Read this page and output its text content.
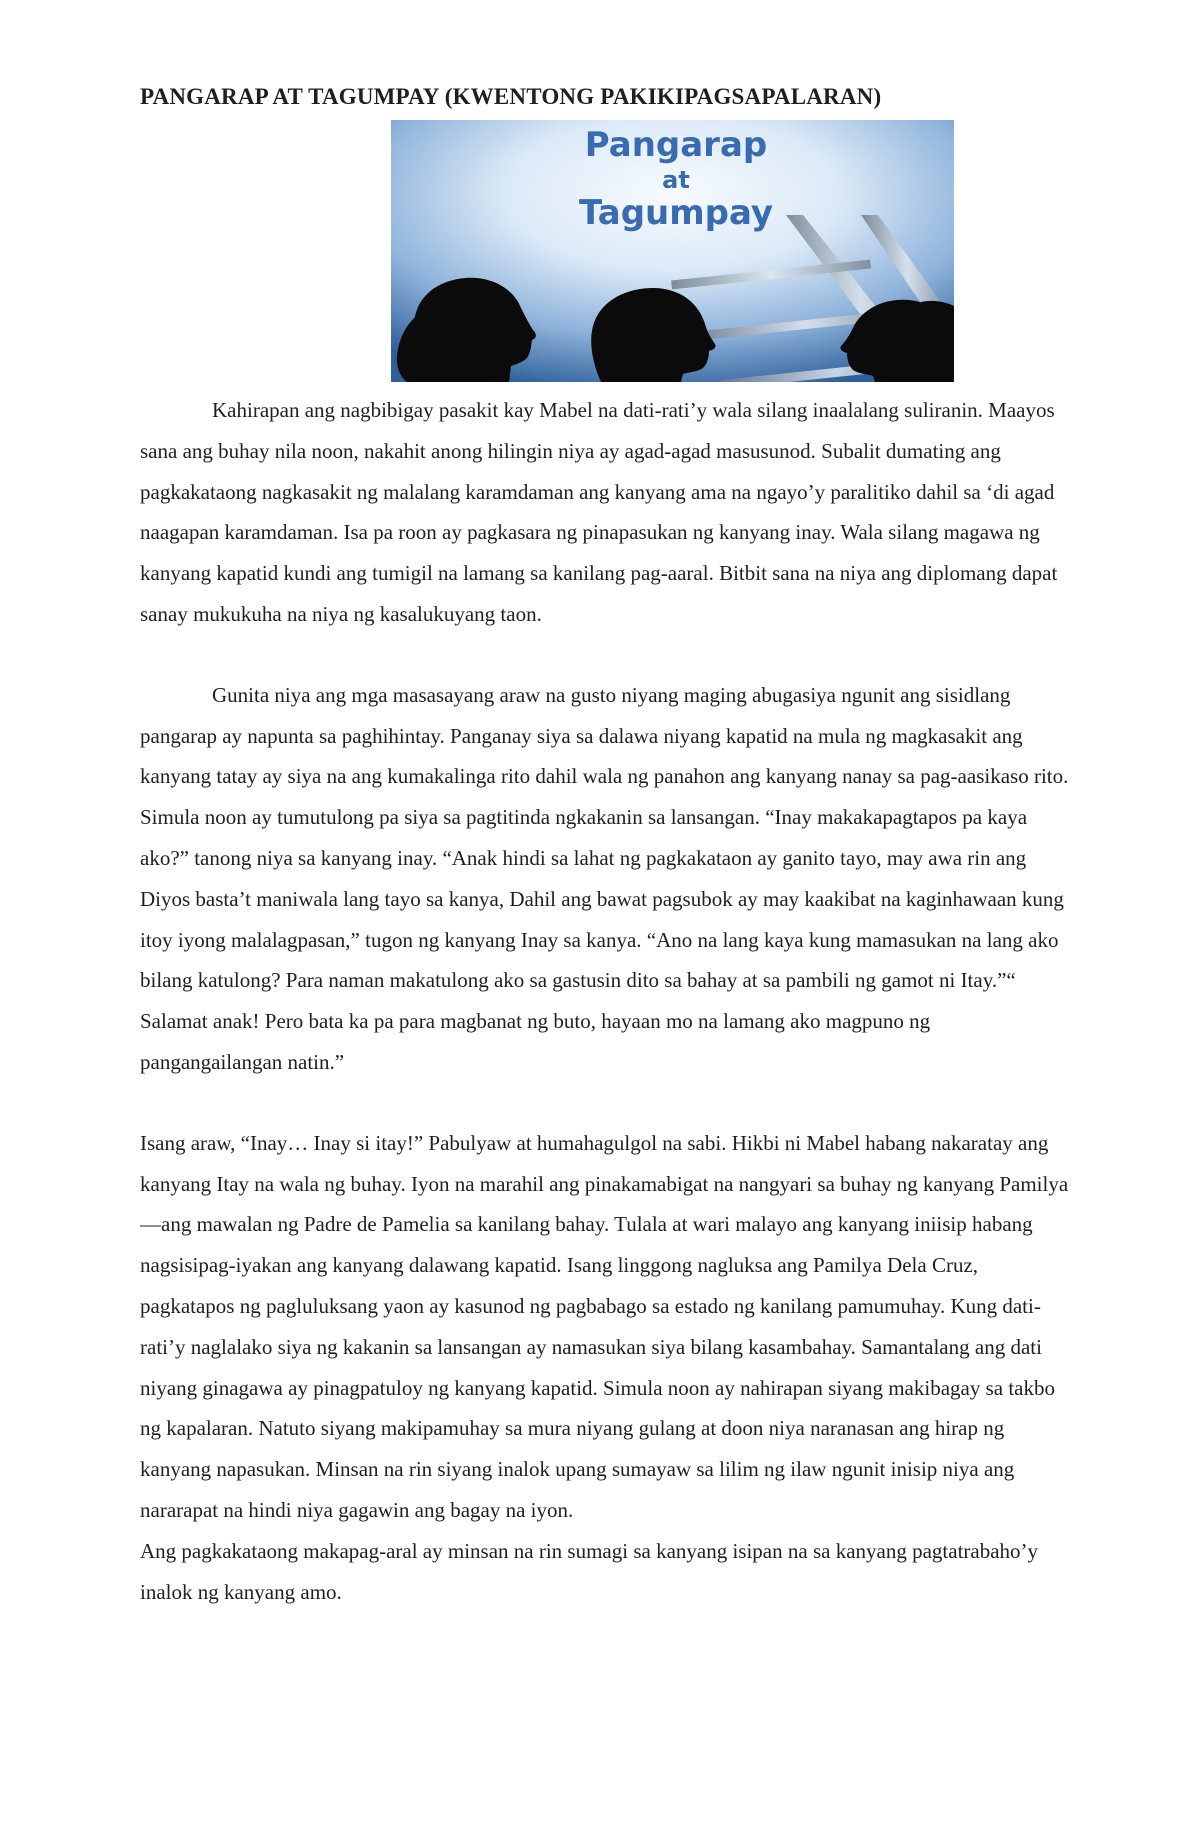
PANGARAP AT TAGUMPAY (KWENTONG PAKIKIPAGSAPALARAN)
Pangarap
at
Tagumpay

Kahirapan ang nagbibigay pasakit kay Mabel na dati-rati’y wala silang inaalalang suliranin. Maayos sana ang buhay nila noon, nakahit anong hilingin niya ay agad-agad masusunod. Subalit dumating ang pagkakataong nagkasakit ng malalang karamdaman ang kanyang ama na ngayo’y paralitiko dahil sa ‘di agad naagapan karamdaman. Isa pa roon ay pagkasara ng pinapasukan ng kanyang inay. Wala silang magawa ng kanyang kapatid kundi ang tumigil na lamang sa kanilang pag-aaral. Bitbit sana na niya ang diplomang dapat sanay mukukuha na niya ng kasalukuyang taon.

Gunita niya ang mga masasayang araw na gusto niyang maging abugasiya ngunit ang sisidlang pangarap ay napunta sa paghihintay. Panganay siya sa dalawa niyang kapatid na mula ng magkasakit ang kanyang tatay ay siya na ang kumakalinga rito dahil wala ng panahon ang kanyang nanay sa pag-aasikaso rito. Simula noon ay tumutulong pa siya sa pagtitinda ngkakanin sa lansangan. “Inay makakapagtapos pa kaya ako?” tanong niya sa kanyang inay. “Anak hindi sa lahat ng pagkakataon ay ganito tayo, may awa rin ang Diyos basta’t maniwala lang tayo sa kanya, Dahil ang bawat pagsubok ay may kaakibat na kaginhawaan kung itoy iyong malalagpasan,” tugon ng kanyang Inay sa kanya. “Ano na lang kaya kung mamasukan na lang ako bilang katulong? Para naman makatulong ako sa gastusin dito sa bahay at sa pambili ng gamot ni Itay.”“ Salamat anak! Pero bata ka pa para magbanat ng buto, hayaan mo na lamang ako magpuno ng pangangailangan natin.”

Isang araw, “Inay… Inay si itay!” Pabulyaw at humahagulgol na sabi. Hikbi ni Mabel habang nakaratay ang kanyang Itay na wala ng buhay. Iyon na marahil ang pinakamabigat na nangyari sa buhay ng kanyang Pamilya—ang mawalan ng Padre de Pamelia sa kanilang bahay. Tulala at wari malayo ang kanyang iniisip habang nagsisipag-iyakan ang kanyang dalawang kapatid. Isang linggong nagluksa ang Pamilya Dela Cruz, pagkatapos ng pagluluksang yaon ay kasunod ng pagbabago sa estado ng kanilang pamumuhay. Kung dati-rati’y naglalako siya ng kakanin sa lansangan ay namasukan siya bilang kasambahay. Samantalang ang dati niyang ginagawa ay pinagpatuloy ng kanyang kapatid. Simula noon ay nahirapan siyang makibagay sa takbo ng kapalaran. Natuto siyang makipamuhay sa mura niyang gulang at doon niya naranasan ang hirap ng kanyang napasukan. Minsan na rin siyang inalok upang sumayaw sa lilim ng ilaw ngunit inisip niya ang nararapat na hindi niya gagawin ang bagay na iyon.

Ang pagkakataong makapag-aral ay minsan na rin sumagi sa kanyang isipan na sa kanyang pagtatrabaho’y inalok ng kanyang amo.
